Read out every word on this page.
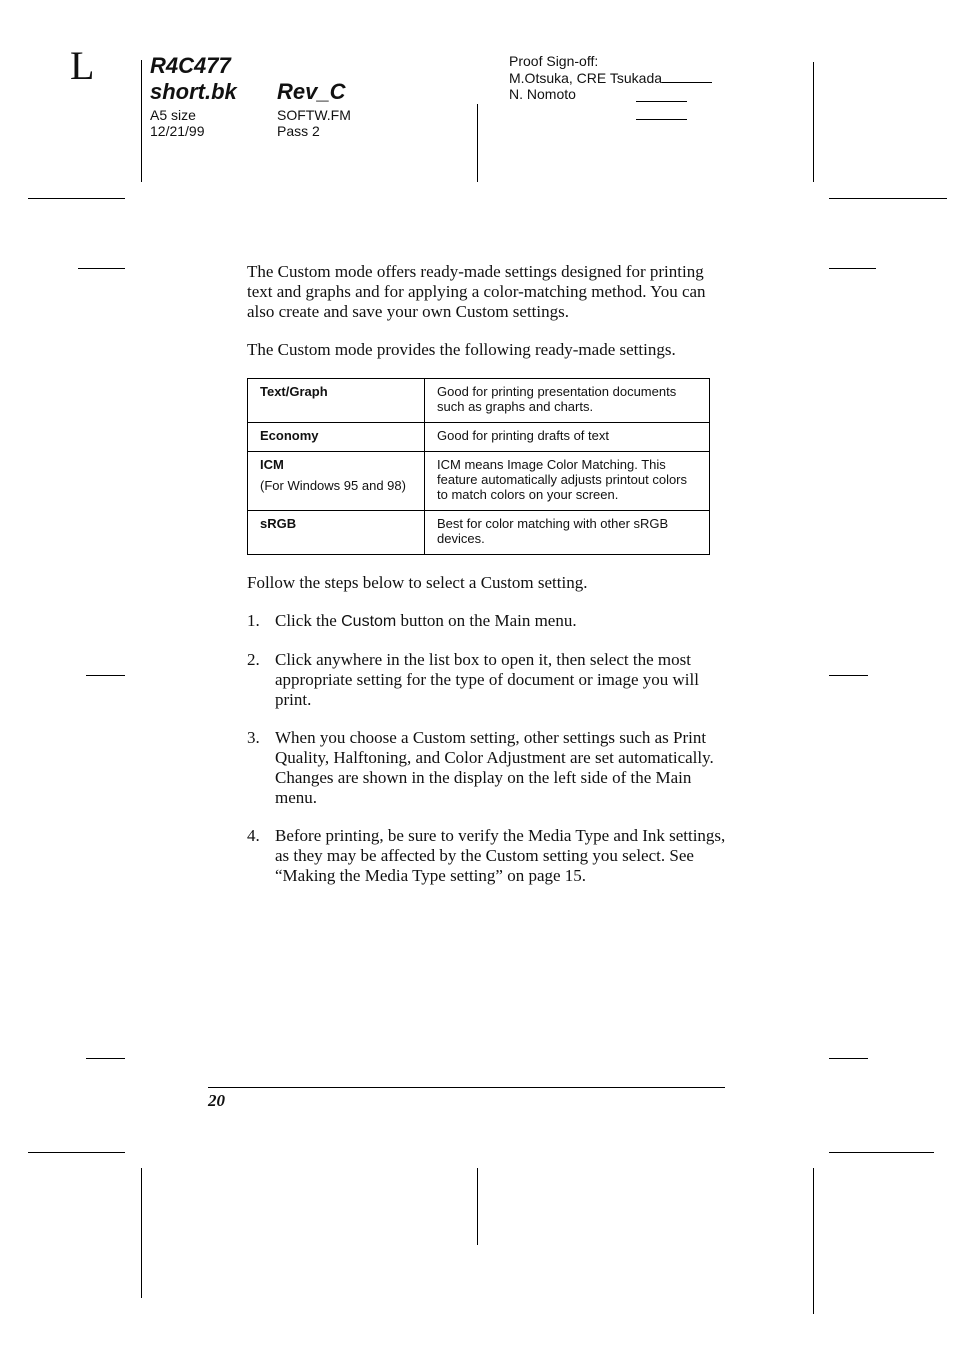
L	R4C477
short.bk Rev_C
A5 size
12/21/99
SOFTW.FM
Pass 2
Proof Sign-off:
M.Otsuka, CRE Tsukada
N. Nomoto

The Custom mode offers ready-made settings designed for printing text and graphs and for applying a color-matching method. You can also create and save your own Custom settings.

The Custom mode provides the following ready-made settings.

Text/Graph	Good for printing presentation documents such as graphs and charts.
Economy	Good for printing drafts of text
ICM
(For Windows 95 and 98)	ICM means Image Color Matching. This feature automatically adjusts printout colors to match colors on your screen.
sRGB	Best for color matching with other sRGB devices.

Follow the steps below to select a Custom setting.

1. Click the Custom button on the Main menu.
2. Click anywhere in the list box to open it, then select the most appropriate setting for the type of document or image you will print.
3. When you choose a Custom setting, other settings such as Print Quality, Halftoning, and Color Adjustment are set automatically. Changes are shown in the display on the left side of the Main menu.
4. Before printing, be sure to verify the Media Type and Ink settings, as they may be affected by the Custom setting you select. See “Making the Media Type setting” on page 15.
20
